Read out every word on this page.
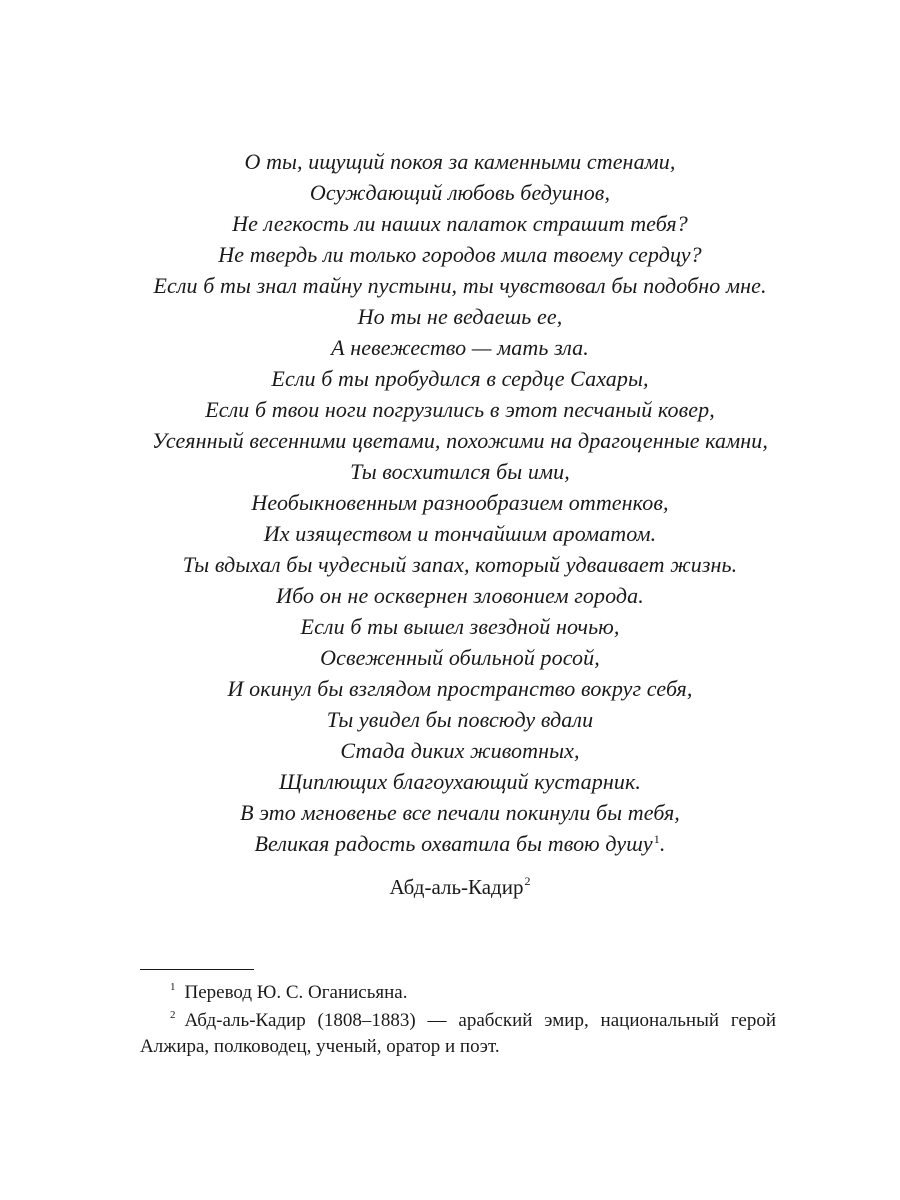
О ты, ищущий покоя за каменными стенами,
Осуждающий любовь бедуинов,
Не легкость ли наших палаток страшит тебя?
Не твердь ли только городов мила твоему сердцу?
Если б ты знал тайну пустыни, ты чувствовал бы подобно мне.
Но ты не ведаешь ее,
А невежество — мать зла.
Если б ты пробудился в сердце Сахары,
Если б твои ноги погрузились в этот песчаный ковер,
Усеянный весенними цветами, похожими на драгоценные камни,
Ты восхитился бы ими,
Необыкновенным разнообразием оттенков,
Их изяществом и тончайшим ароматом.
Ты вдыхал бы чудесный запах, который удваивает жизнь.
Ибо он не осквернен зловонием города.
Если б ты вышел звездной ночью,
Освеженный обильной росой,
И окинул бы взглядом пространство вокруг себя,
Ты увидел бы повсюду вдали
Стада диких животных,
Щиплющих благоухающий кустарник.
В это мгновенье все печали покинули бы тебя,
Великая радость охватила бы твою душу$^1$.
Абд-аль-Кадир$^2$

$^1$ Перевод Ю. С. Оганисьяна.

$^2$ Абд-аль-Кадир (1808–1883) — арабский эмир, национальный герой Алжира, полководец, ученый, оратор и поэт.
